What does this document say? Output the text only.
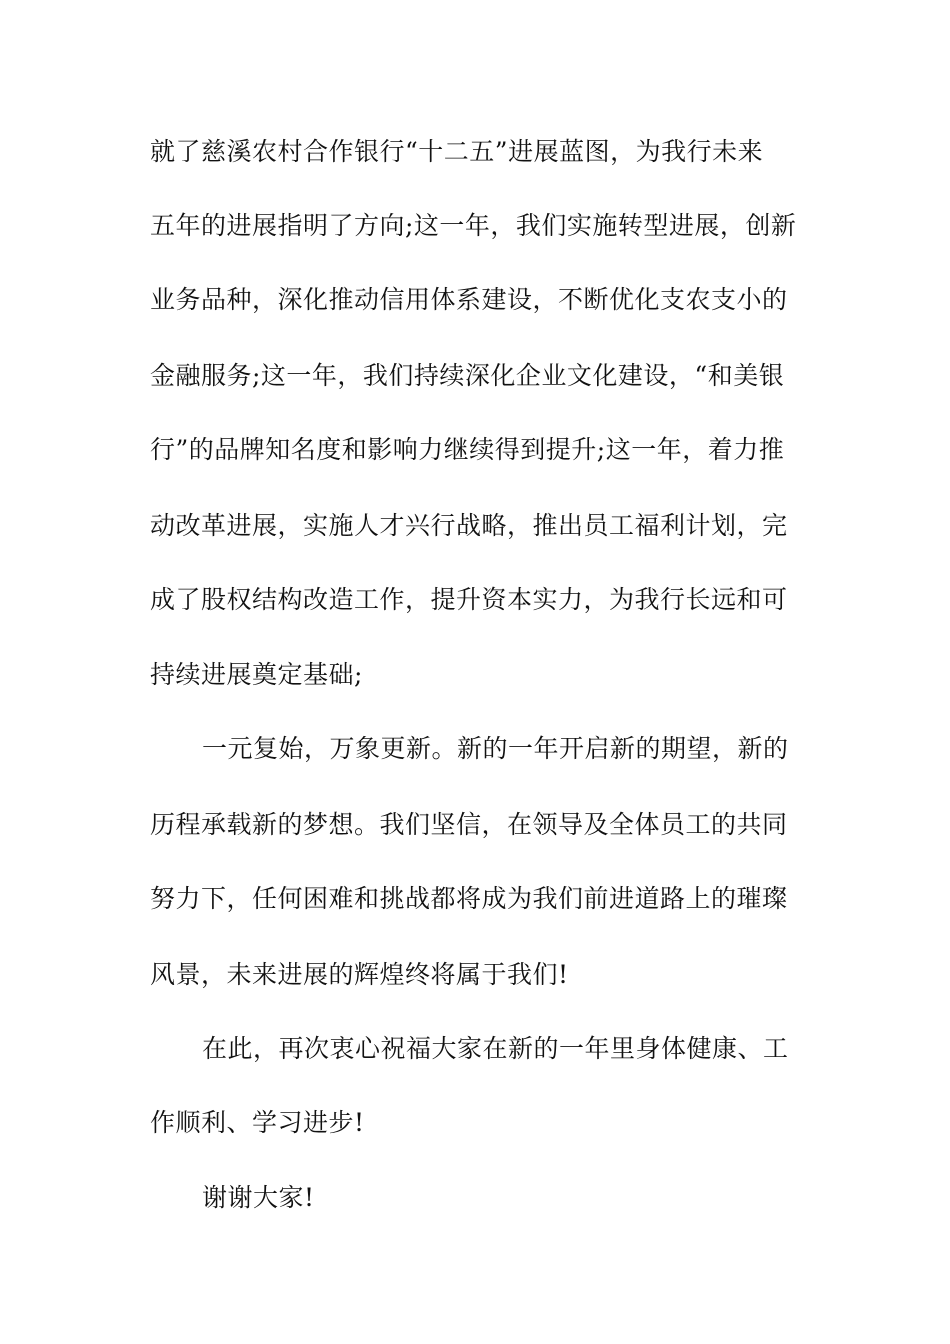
就了慈溪农村合作银行“十二五”进展蓝图，为我行未来
五年的进展指明了方向;这一年，我们实施转型进展，创新
业务品种，深化推动信用体系建设，不断优化支农支小的
金融服务;这一年，我们持续深化企业文化建设，“和美银
行”的品牌知名度和影响力继续得到提升;这一年，着力推
动改革进展，实施人才兴行战略，推出员工福利计划，完
成了股权结构改造工作，提升资本实力，为我行长远和可
持续进展奠定基础;
一元复始，万象更新。新的一年开启新的期望，新的
历程承载新的梦想。我们坚信，在领导及全体员工的共同
努力下，任何困难和挑战都将成为我们前进道路上的璀璨
风景，未来进展的辉煌终将属于我们!
在此，再次衷心祝福大家在新的一年里身体健康、工
作顺利、学习进步!
谢谢大家!
